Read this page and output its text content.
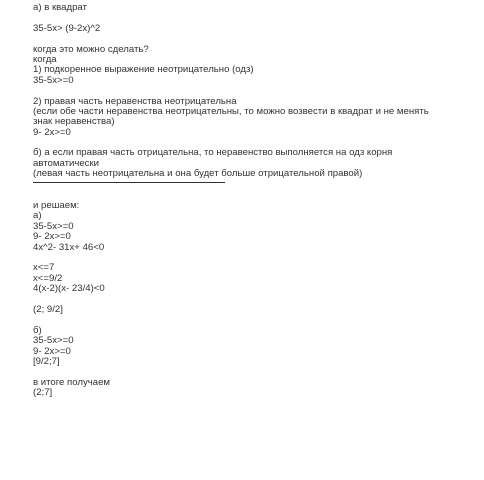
а) в квадрат
35-5x> (9-2x)^2
когда это можно сделать?
когда
1) подкоренное выражение неотрицательно (одз)
35-5x>=0
2) правая часть неравенства неотрицательна
(если обе части неравенства неотрицательны, то можно возвести в квадрат и не менять
знак неравенства)
9- 2x>=0
б) а если правая часть отрицательна, то неравенство выполняется на одз корня
автоматически
(левая часть неотрицательна и она будет больше отрицательной правой)
и решаем:
а)
35-5x>=0
9- 2x>=0
4x^2- 31x+ 46<0
x<=7
x<=9/2
4(x-2)(x- 23/4)<0
(2; 9/2]
б)
35-5x>=0
9- 2x>=0
[9/2;7]
в итоге получаем
(2;7]
